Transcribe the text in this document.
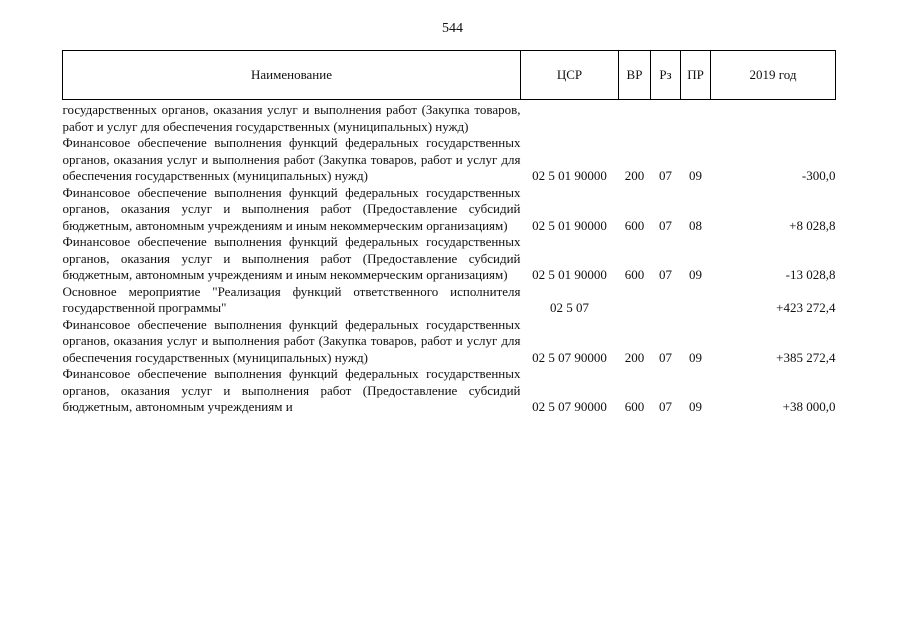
544
Наименование	ЦСР	ВР	Рз	ПР	2019 год
государственных органов, оказания услуг и выполнения работ (Закупка товаров, работ и услуг для обеспечения государственных (муниципальных) нужд)					
Финансовое обеспечение выполнения функций федеральных государственных органов, оказания услуг и выполнения работ (Закупка товаров, работ и услуг для обеспечения государственных (муниципальных) нужд)	02 5 01 90000	200	07	09	-300,0
Финансовое обеспечение выполнения функций федеральных государственных органов, оказания услуг и выполнения работ (Предоставление субсидий бюджетным, автономным учреждениям и иным некоммерческим организациям)	02 5 01 90000	600	07	08	+8 028,8
Финансовое обеспечение выполнения функций федеральных государственных органов, оказания услуг и выполнения работ (Предоставление субсидий бюджетным, автономным учреждениям и иным некоммерческим организациям)	02 5 01 90000	600	07	09	-13 028,8
Основное мероприятие "Реализация функций ответственного исполнителя государственной программы"	02 5 07				+423 272,4
Финансовое обеспечение выполнения функций федеральных государственных органов, оказания услуг и выполнения работ (Закупка товаров, работ и услуг для обеспечения государственных (муниципальных) нужд)	02 5 07 90000	200	07	09	+385 272,4
Финансовое обеспечение выполнения функций федеральных государственных органов, оказания услуг и выполнения работ (Предоставление субсидий бюджетным, автономным учреждениям и	02 5 07 90000	600	07	09	+38 000,0
